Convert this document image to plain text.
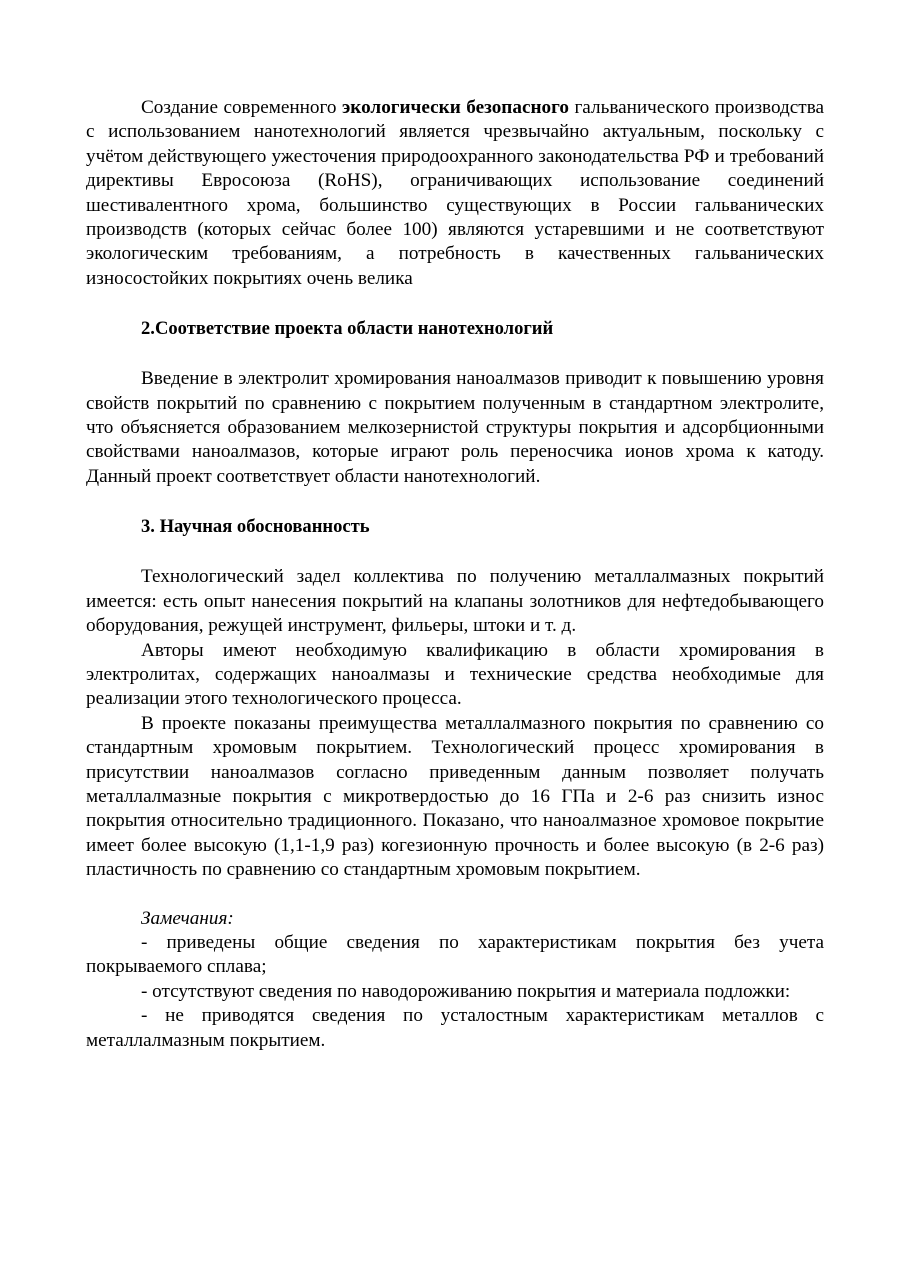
Создание современного экологически безопасного гальванического производства с использованием нанотехнологий является чрезвычайно актуальным, поскольку с учётом действующего ужесточения природоохранного законодательства РФ и требований директивы Евросоюза (RoHS), ограничивающих использование соединений шестивалентного хрома, большинство существующих в России гальванических производств (которых сейчас более 100) являются устаревшими и не соответствуют экологическим требованиям, а потребность в качественных гальванических износостойких покрытиях очень велика

2.Соответствие проекта области нанотехнологий

Введение в электролит хромирования наноалмазов приводит к повышению уровня свойств покрытий по сравнению с покрытием полученным в стандартном электролите, что объясняется образованием мелкозернистой структуры покрытия и адсорбционными свойствами наноалмазов, которые играют роль переносчика ионов хрома к катоду. Данный проект соответствует области нанотехнологий.

3. Научная обоснованность

Технологический задел коллектива по получению металлалмазных покрытий имеется: есть опыт нанесения покрытий на клапаны золотников для нефтедобывающего оборудования, режущей инструмент, фильеры, штоки и т. д.

Авторы имеют необходимую квалификацию в области хромирования в электролитах, содержащих наноалмазы и технические средства необходимые для реализации этого технологического процесса.

В проекте показаны преимущества металлалмазного покрытия по сравнению со стандартным хромовым покрытием. Технологический процесс хромирования в присутствии наноалмазов согласно приведенным данным позволяет получать металлалмазные покрытия с микротвердостью до 16 ГПа и 2-6 раз снизить износ покрытия относительно традиционного. Показано, что наноалмазное хромовое покрытие имеет более высокую (1,1-1,9 раз) когезионную прочность и более высокую (в 2-6 раз) пластичность по сравнению со стандартным хромовым покрытием.

Замечания:

- приведены общие сведения по характеристикам покрытия без учета покрываемого сплава;

- отсутствуют сведения по наводороживанию покрытия и материала подложки:

- не приводятся сведения по усталостным характеристикам металлов с металлалмазным покрытием.
